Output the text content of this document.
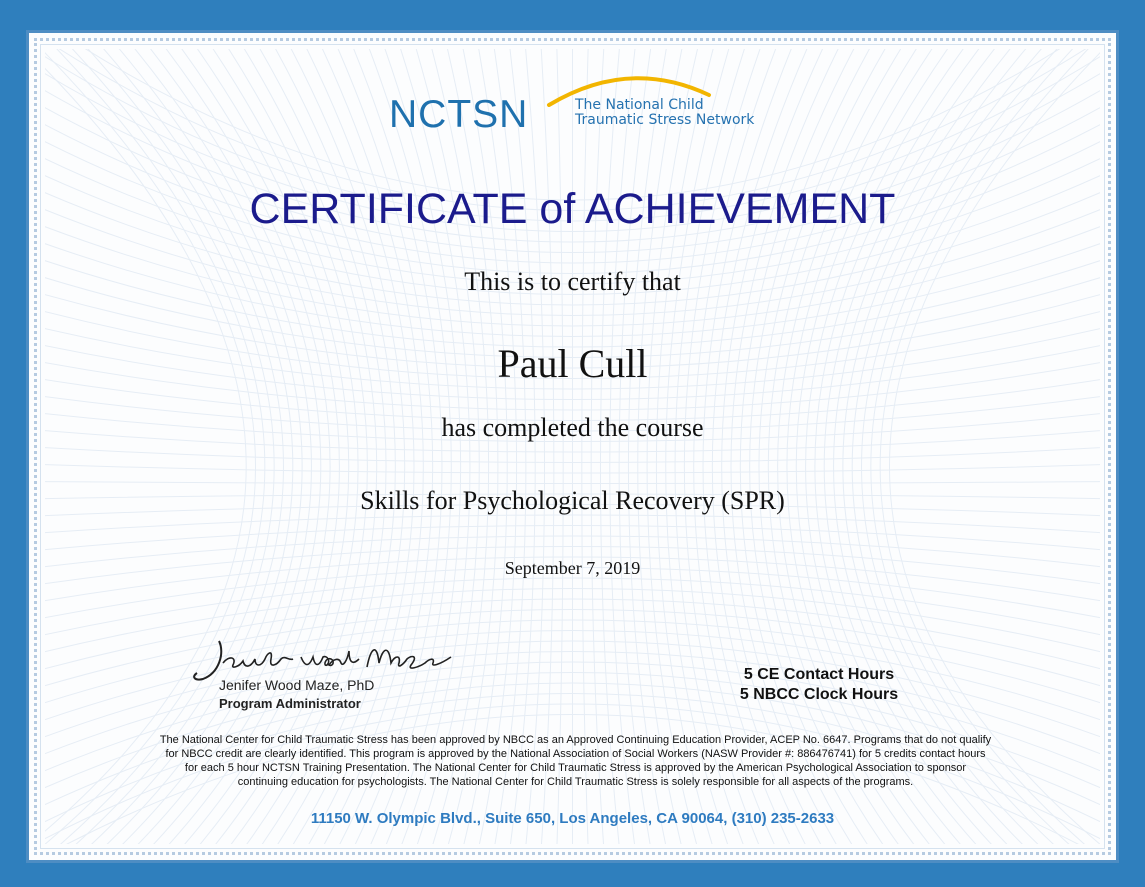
NCTSN	The National Child
Traumatic Stress Network
CERTIFICATE of ACHIEVEMENT
This is to certify that
Paul Cull
has completed the course
Skills for Psychological Recovery (SPR)
September 7, 2019
Jenifer Wood Maze, PhD
Program Administrator
5 CE Contact Hours
5 NBCC Clock Hours
The National Center for Child Traumatic Stress has been approved by NBCC as an Approved Continuing Education Provider, ACEP No. 6647. Programs that do not qualify
for NBCC credit are clearly identified. This program is approved by the National Association of Social Workers (NASW Provider #: 886476741) for 5 credits contact hours
for each 5 hour NCTSN Training Presentation. The National Center for Child Traumatic Stress is approved by the American Psychological Association to sponsor
continuing education for psychologists. The National Center for Child Traumatic Stress is solely responsible for all aspects of the programs.
11150 W. Olympic Blvd., Suite 650, Los Angeles, CA 90064, (310) 235-2633
